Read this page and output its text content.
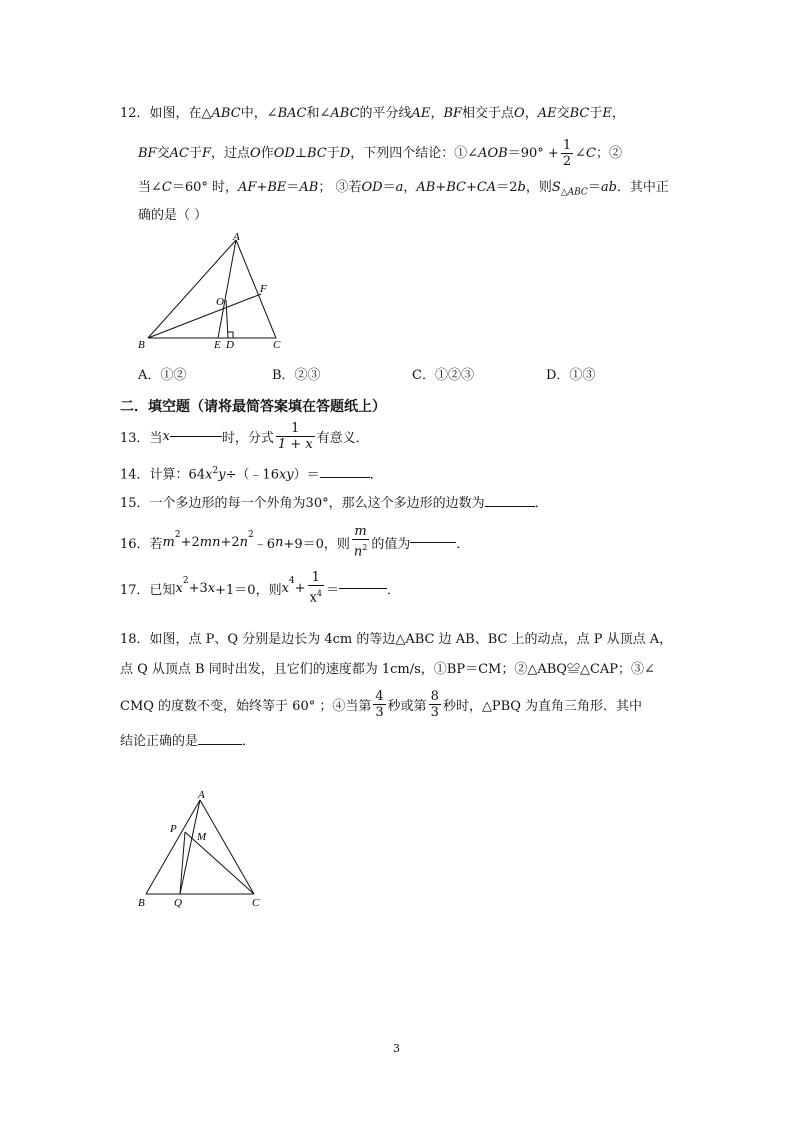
12．如图，在△ABC中，∠BAC和∠ABC的平分线AE，BF相交于点O，AE交BC于E，
BF交AC于F，过点O作OD⊥BC于D，下列四个结论：①∠AOB＝90° + $\frac{1}{2}$ ∠C；②
当∠C＝60° 时，AF+BE＝AB； ③若OD＝a，AB+BC+CA＝2b，则$S_{\triangle ABC}=ab$．其中正
确的是（ ）
A
B	C
E D
F
O
A．①②	B．②③	C．①②③	D．①③
二．填空题（请将最简答案填在答题纸上）
13．当 x	时，分式 $\frac{1}{1 + x}$ 有意义．
14．计算：$64x^2y\div(﹣16xy)=$	．
15．一个多边形的每一个外角为30°，那么这个多边形的边数为	．
16．若 $m^2 +2$ mn +2 $n^2$
﹣6 n +9＝0，则 $\frac{m}{n^2}$ 的值为	．
17．已知 $x^2 +3$ x +1＝0，则 $x^4 + \frac{1}{x^4}$ ＝	．
18．如图，点 P、Q 分别是边长为 4cm 的等边△ABC 边 AB、BC 上的动点，点 P 从顶点 A，
点 Q 从顶点 B 同时出发，且它们的速度都为 1cm/s，①BP＝CM；②△ABQ≌△CAP；③∠
CMQ 的度数不变，始终等于 60° ；④当第 $\frac{4}{3}$ 秒或第 $\frac{8}{3}$ 秒时，△PBQ 为直角三角形．其中
结论正确的是	．
A
B	C
P
Q
M
3
